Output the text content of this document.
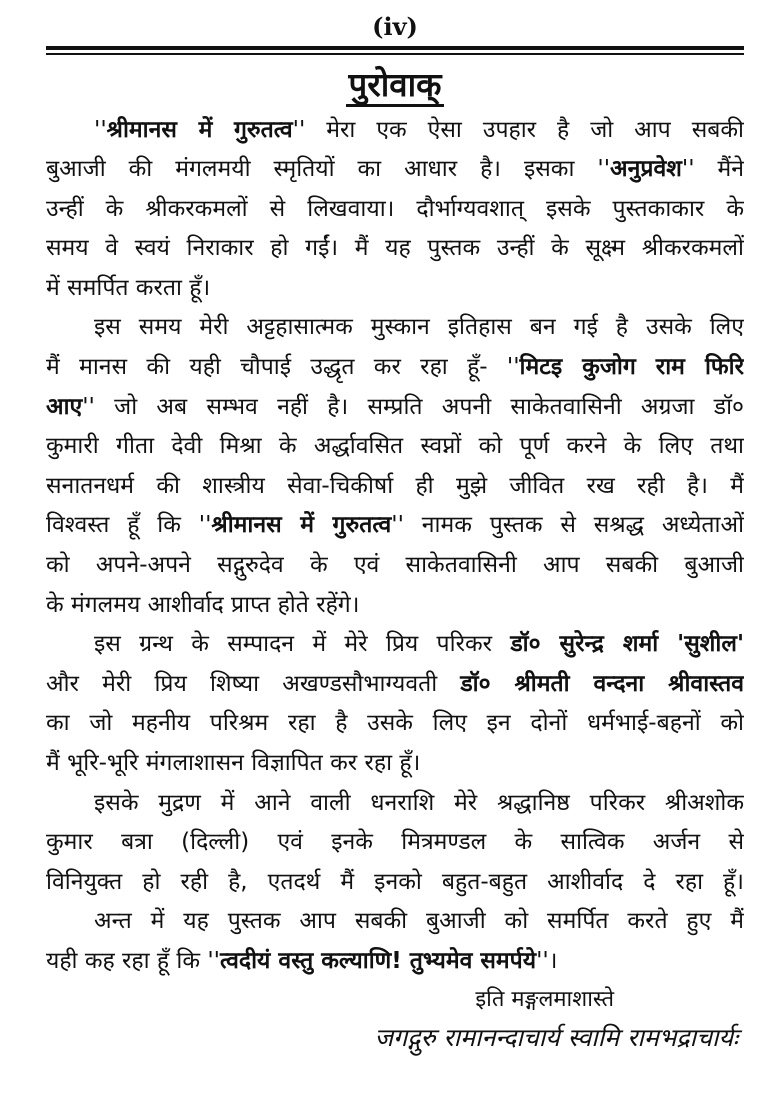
(iv)
पुरोवाक्
''श्रीमानस में गुरुतत्व'' मेरा एक ऐसा उपहार है जो आप सबकी
बुआजी की मंगलमयी स्मृतियों का आधार है। इसका ''अनुप्रवेश'' मैंने
उन्हीं के श्रीकरकमलों से लिखवाया। दौर्भाग्यवशात् इसके पुस्तकाकार के
समय वे स्वयं निराकार हो गईं। मैं यह पुस्तक उन्हीं के सूक्ष्म श्रीकरकमलों
में समर्पित करता हूँ।
इस समय मेरी अट्टहासात्मक मुस्कान इतिहास बन गई है उसके लिए
मैं मानस की यही चौपाई उद्धृत कर रहा हूँ- ''मिटइ कुजोग राम फिरि
आए'' जो अब सम्भव नहीं है। सम्प्रति अपनी साकेतवासिनी अग्रजा डॉ०
कुमारी गीता देवी मिश्रा के अर्द्धावसित स्वप्नों को पूर्ण करने के लिए तथा
सनातनधर्म की शास्त्रीय सेवा-चिकीर्षा ही मुझे जीवित रख रही है। मैं
विश्वस्त हूँ कि ''श्रीमानस में गुरुतत्व'' नामक पुस्तक से सश्रद्ध अध्येताओं
को अपने-अपने सद्गुरुदेव के एवं साकेतवासिनी आप सबकी बुआजी
के मंगलमय आशीर्वाद प्राप्त होते रहेंगे।
इस ग्रन्थ के सम्पादन में मेरे प्रिय परिकर डॉ० सुरेन्द्र शर्मा 'सुशील'
और मेरी प्रिय शिष्या अखण्डसौभाग्यवती डॉ० श्रीमती वन्दना श्रीवास्तव
का जो महनीय परिश्रम रहा है उसके लिए इन दोनों धर्मभाई-बहनों को
मैं भूरि-भूरि मंगलाशासन विज्ञापित कर रहा हूँ।
इसके मुद्रण में आने वाली धनराशि मेरे श्रद्धानिष्ठ परिकर श्रीअशोक
कुमार बत्रा (दिल्ली) एवं इनके मित्रमण्डल के सात्विक अर्जन से
विनियुक्त हो रही है, एतदर्थ मैं इनको बहुत-बहुत आशीर्वाद दे रहा हूँ।
अन्त में यह पुस्तक आप सबकी बुआजी को समर्पित करते हुए मैं
यही कह रहा हूँ कि ''त्वदीयं वस्तु कल्याणि! तुभ्यमेव समर्पये''।
इति मङ्गलमाशास्ते
जगद्गुरु रामानन्दाचार्य स्वामि रामभद्राचार्यः
